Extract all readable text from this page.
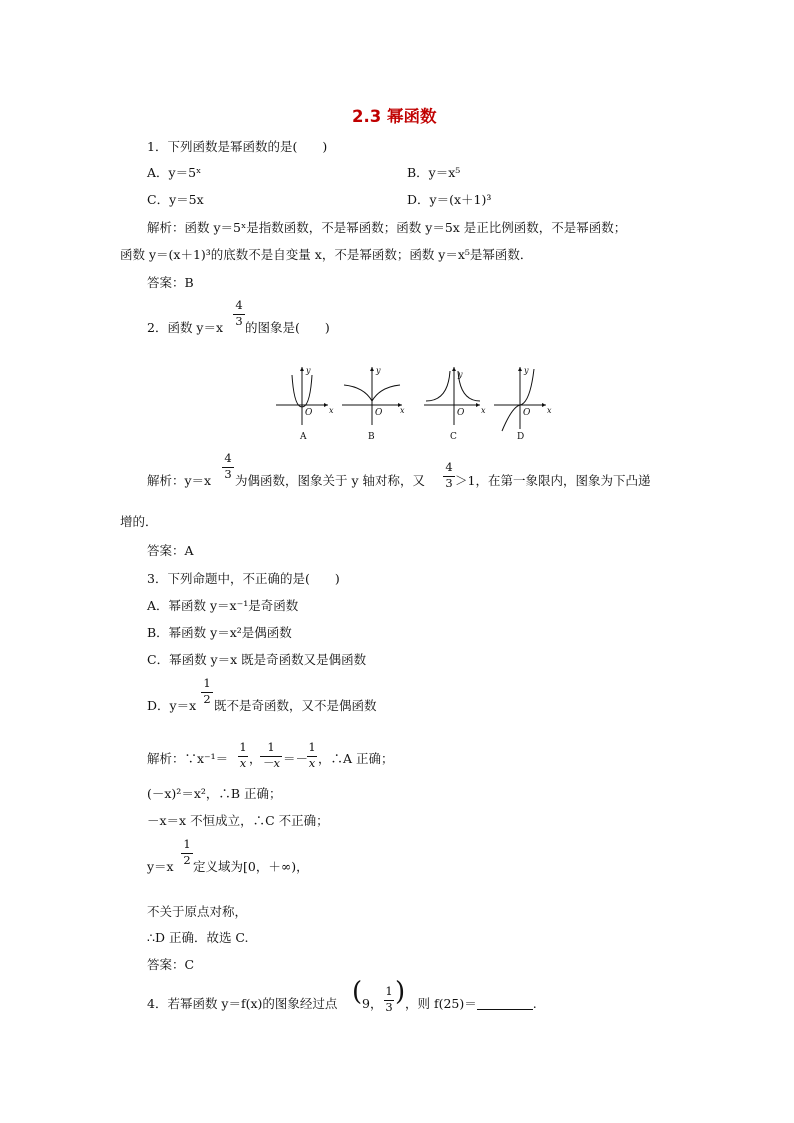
2.3 幂函数
1．下列函数是幂函数的是(　　)
A．y＝5ˣ	B．y＝x⁵
C．y＝5x	D．y＝(x＋1)³
解析：函数 y＝5ˣ是指数函数，不是幂函数；函数 y＝5x 是正比例函数，不是幂函数；
函数 y＝(x＋1)³的底数不是自变量 x，不是幂函数；函数 y＝x⁵是幂函数．
答案：B
2．函数 y＝x
4
3 的图象是(　　)
y
O x
A
y
O x
B
y
O x
C
y
O x
D
解析：y＝x
4
3 为偶函数，图象关于 y 轴对称，又
4
3 ＞1，在第一象限内，图象为下凸递
增的．
答案：A
3．下列命题中，不正确的是(　　)
A．幂函数 y＝x⁻¹是奇函数
B．幂函数 y＝x²是偶函数
C．幂函数 y＝x 既是奇函数又是偶函数
D．y＝x
1
2 既不是奇函数，又不是偶函数
解析：∵x⁻¹＝
1
x ，
1
－x ＝－
1
x ，∴A 正确；
(－x)²＝x²，∴B 正确；
－x＝x 不恒成立，∴C 不正确；
y＝x
1
2 定义域为[0，＋∞)，
不关于原点对称，
∴D 正确．故选 C.
答案：C
4．若幂函数 y＝f(x)的图象经过点 ( 9，
1
3 ) ，则 f(25)＝	.
